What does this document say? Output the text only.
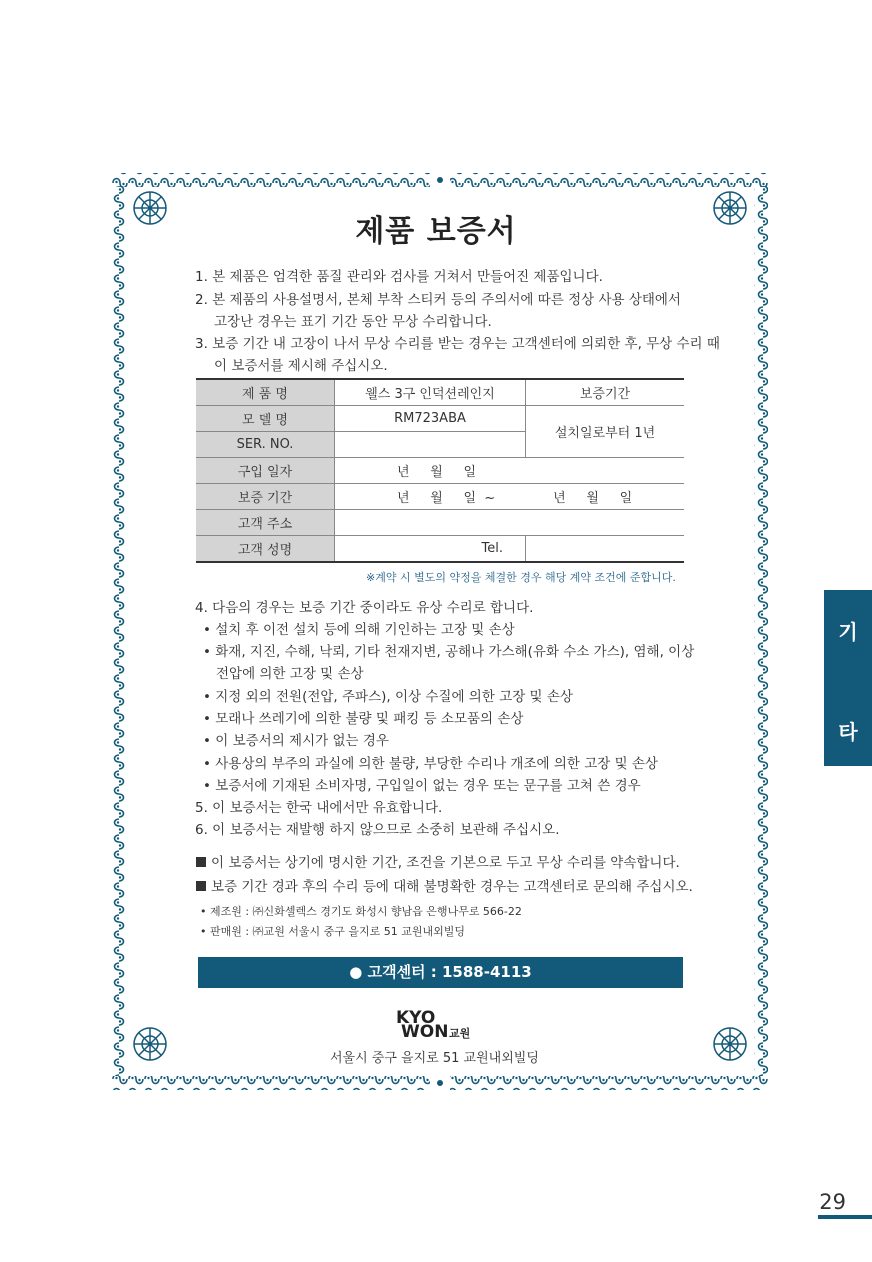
제품 보증서
1. 본 제품은 엄격한 품질 관리와 검사를 거쳐서 만들어진 제품입니다.
2. 본 제품의 사용설명서, 본체 부착 스티커 등의 주의서에 따른 정상 사용 상태에서
고장난 경우는 표기 기간 동안 무상 수리합니다.
3. 보증 기간 내 고장이 나서 무상 수리를 받는 경우는 고객센터에 의뢰한 후, 무상 수리 때
이 보증서를 제시해 주십시오.
제 품 명	웰스 3구 인덕션레인지	보증기간
모 델 명	RM723ABA	설치일로부터 1년
SER. NO.		
구입 일자	년     월     일	
보증 기간	년     월     일  ~ 년     월     일	
고객 주소		
고객 성명	Tel.	
※계약 시 별도의 약정을 체결한 경우 해당 계약 조건에 준합니다.
4. 다음의 경우는 보증 기간 중이라도 유상 수리로 합니다.
• 설치 후 이전 설치 등에 의해 기인하는 고장 및 손상
• 화재, 지진, 수해, 낙뢰, 기타 천재지변, 공해나 가스해(유화 수소 가스), 염해, 이상
전압에 의한 고장 및 손상
• 지정 외의 전원(전압, 주파스), 이상 수질에 의한 고장 및 손상
• 모래나 쓰레기에 의한 불량 및 패킹 등 소모품의 손상
• 이 보증서의 제시가 없는 경우
• 사용상의 부주의 과실에 의한 불량, 부당한 수리나 개조에 의한 고장 및 손상
• 보증서에 기재된 소비자명, 구입일이 없는 경우 또는 문구를 고쳐 쓴 경우
5. 이 보증서는 한국 내에서만 유효합니다.
6. 이 보증서는 재발행 하지 않으므로 소중히 보관해 주십시오.
이 보증서는 상기에 명시한 기간, 조건을 기본으로 두고 무상 수리를 약속합니다.
보증 기간 경과 후의 수리 등에 대해 불명확한 경우는 고객센터로 문의해 주십시오.
• 제조원 : ㈜신화셀렉스 경기도 화성시 향남읍 은행나무로 566-22
• 판매원 : ㈜교원 서울시 중구 을지로 51 교원내외빌딩
● 고객센터 : 1588-4113
KYO
WON 교원
서울시 중구 을지로 51 교원내외빌딩
기
타
29
